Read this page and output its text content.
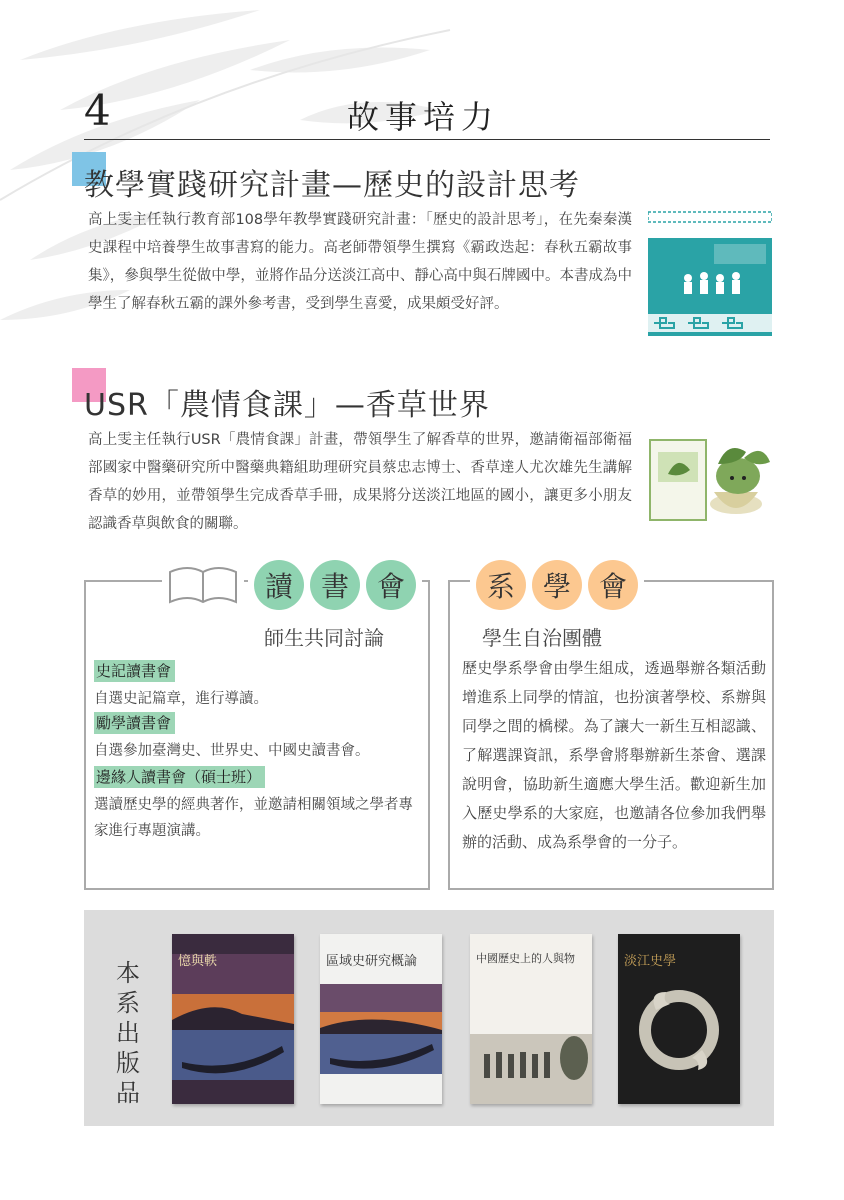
4	故事培力
教學實踐研究計畫—歷史的設計思考
高上雯主任執行教育部108學年教學實踐研究計畫：「歷史的設計思考」，在先秦秦漢史課程中培養學生故事書寫的能力。高老師帶領學生撰寫《霸政迭起：春秋五霸故事集》，參與學生從做中學，並將作品分送淡江高中、靜心高中與石牌國中。本書成為中學生了解春秋五霸的課外參考書，受到學生喜愛，成果頗受好評。
USR「農情食課」—香草世界
高上雯主任執行USR「農情食課」計畫，帶領學生了解香草的世界，邀請衛福部衛福部國家中醫藥研究所中醫藥典籍組助理研究員蔡忠志博士、香草達人尤次雄先生講解香草的妙用，並帶領學生完成香草手冊，成果將分送淡江地區的國小，讓更多小朋友認識香草與飲食的關聯。
讀 書 會
師生共同討論
史記讀書會
自選史記篇章，進行導讀。
勵學讀書會
自選參加臺灣史、世界史、中國史讀書會。
邊緣人讀書會（碩士班）
選讀歷史學的經典著作，並邀請相關領域之學者專家進行專題演講。
系 學 會
學生自治團體
歷史學系學會由學生組成，透過舉辦各類活動增進系上同學的情誼，也扮演著學校、系辦與同學之間的橋樑。為了讓大一新生互相認識、了解選課資訊，系學會將舉辦新生茶會、選課說明會，協助新生適應大學生活。歡迎新生加入歷史學系的大家庭，也邀請各位參加我們舉辦的活動、成為系學會的一分子。
本系出版品
憶與軼	區域史研究概論	中國歷史上的人與物	淡江史學
